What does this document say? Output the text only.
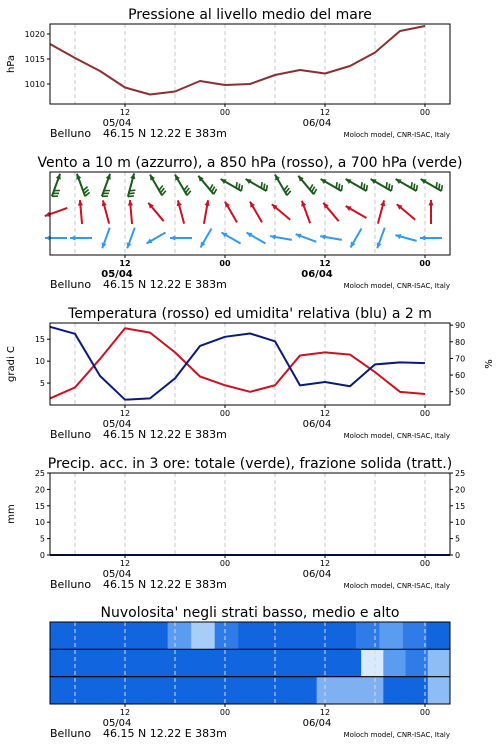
Pressione al livello medio del mare
1010
1015
1020
hPa
12	00	12	00
05/04	06/04
Belluno 46.15 N 12.22 E 383m	Moloch model, CNR-ISAC, Italy
Vento a 10 m (azzurro), a 850 hPa (rosso), a 700 hPa (verde)
12	00	12	00
05/04	06/04
Belluno 46.15 N 12.22 E 383m	Moloch model, CNR-ISAC, Italy
Temperatura (rosso) ed umidita' relativa (blu) a 2 m
5
10
15
50
60
70
80
90
gradi C	%
12	00	12	00
05/04	06/04
Belluno 46.15 N 12.22 E 383m	Moloch model, CNR-ISAC, Italy
Precip. acc. in 3 ore: totale (verde), frazione solida (tratt.)
0
5
10
15
20
25
0
5
10
15
20
25
mm
12	00	12	00
05/04	06/04
Belluno 46.15 N 12.22 E 383m	Moloch model, CNR-ISAC, Italy
Nuvolosita' negli strati basso, medio e alto
12	00	12	00
05/04	06/04
Belluno 46.15 N 12.22 E 383m	Moloch model, CNR-ISAC, Italy
